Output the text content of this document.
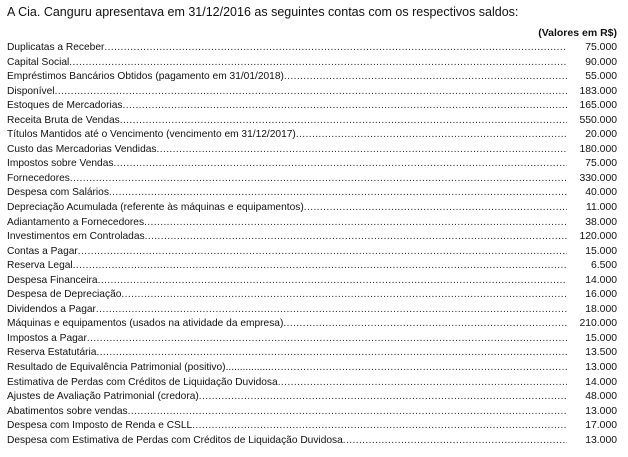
A Cia. Canguru apresentava em 31/12/2016 as seguintes contas com os respectivos saldos:
(Valores em R$)
Duplicatas a Receber .....	75.000
Capital Social .....	90.000
Empréstimos Bancários Obtidos (pagamento em 31/01/2018) .....	55.000
Disponível .....	183.000
Estoques de Mercadorias .....	165.000
Receita Bruta de Vendas .....	550.000
Títulos Mantidos até o Vencimento (vencimento em 31/12/2017) .....	20.000
Custo das Mercadorias Vendidas .....	180.000
Impostos sobre Vendas .....	75.000
Fornecedores .....	330.000
Despesa com Salários .....	40.000
Depreciação Acumulada (referente às máquinas e equipamentos) .....	11.000
Adiantamento a Fornecedores .....	38.000
Investimentos em Controladas .....	120.000
Contas a Pagar .....	15.000
Reserva Legal .....	6.500
Despesa Financeira .....	14.000
Despesa de Depreciação .....	16.000
Dividendos a Pagar .....	18.000
Máquinas e equipamentos (usados na atividade da empresa) .....	210.000
Impostos a Pagar .....	15.000
Reserva Estatutária .....	13.500
Resultado de Equivalência Patrimonial (positivo)................ .....	13.000
Estimativa de Perdas com Créditos de Liquidação Duvidosa .....	14.000
Ajustes de Avaliação Patrimonial (credora) .....	48.000
Abatimentos sobre vendas .....	13.000
Despesa com Imposto de Renda e CSLL .....	17.000
Despesa com Estimativa de Perdas com Créditos de Liquidação Duvidosa .....	13.000
